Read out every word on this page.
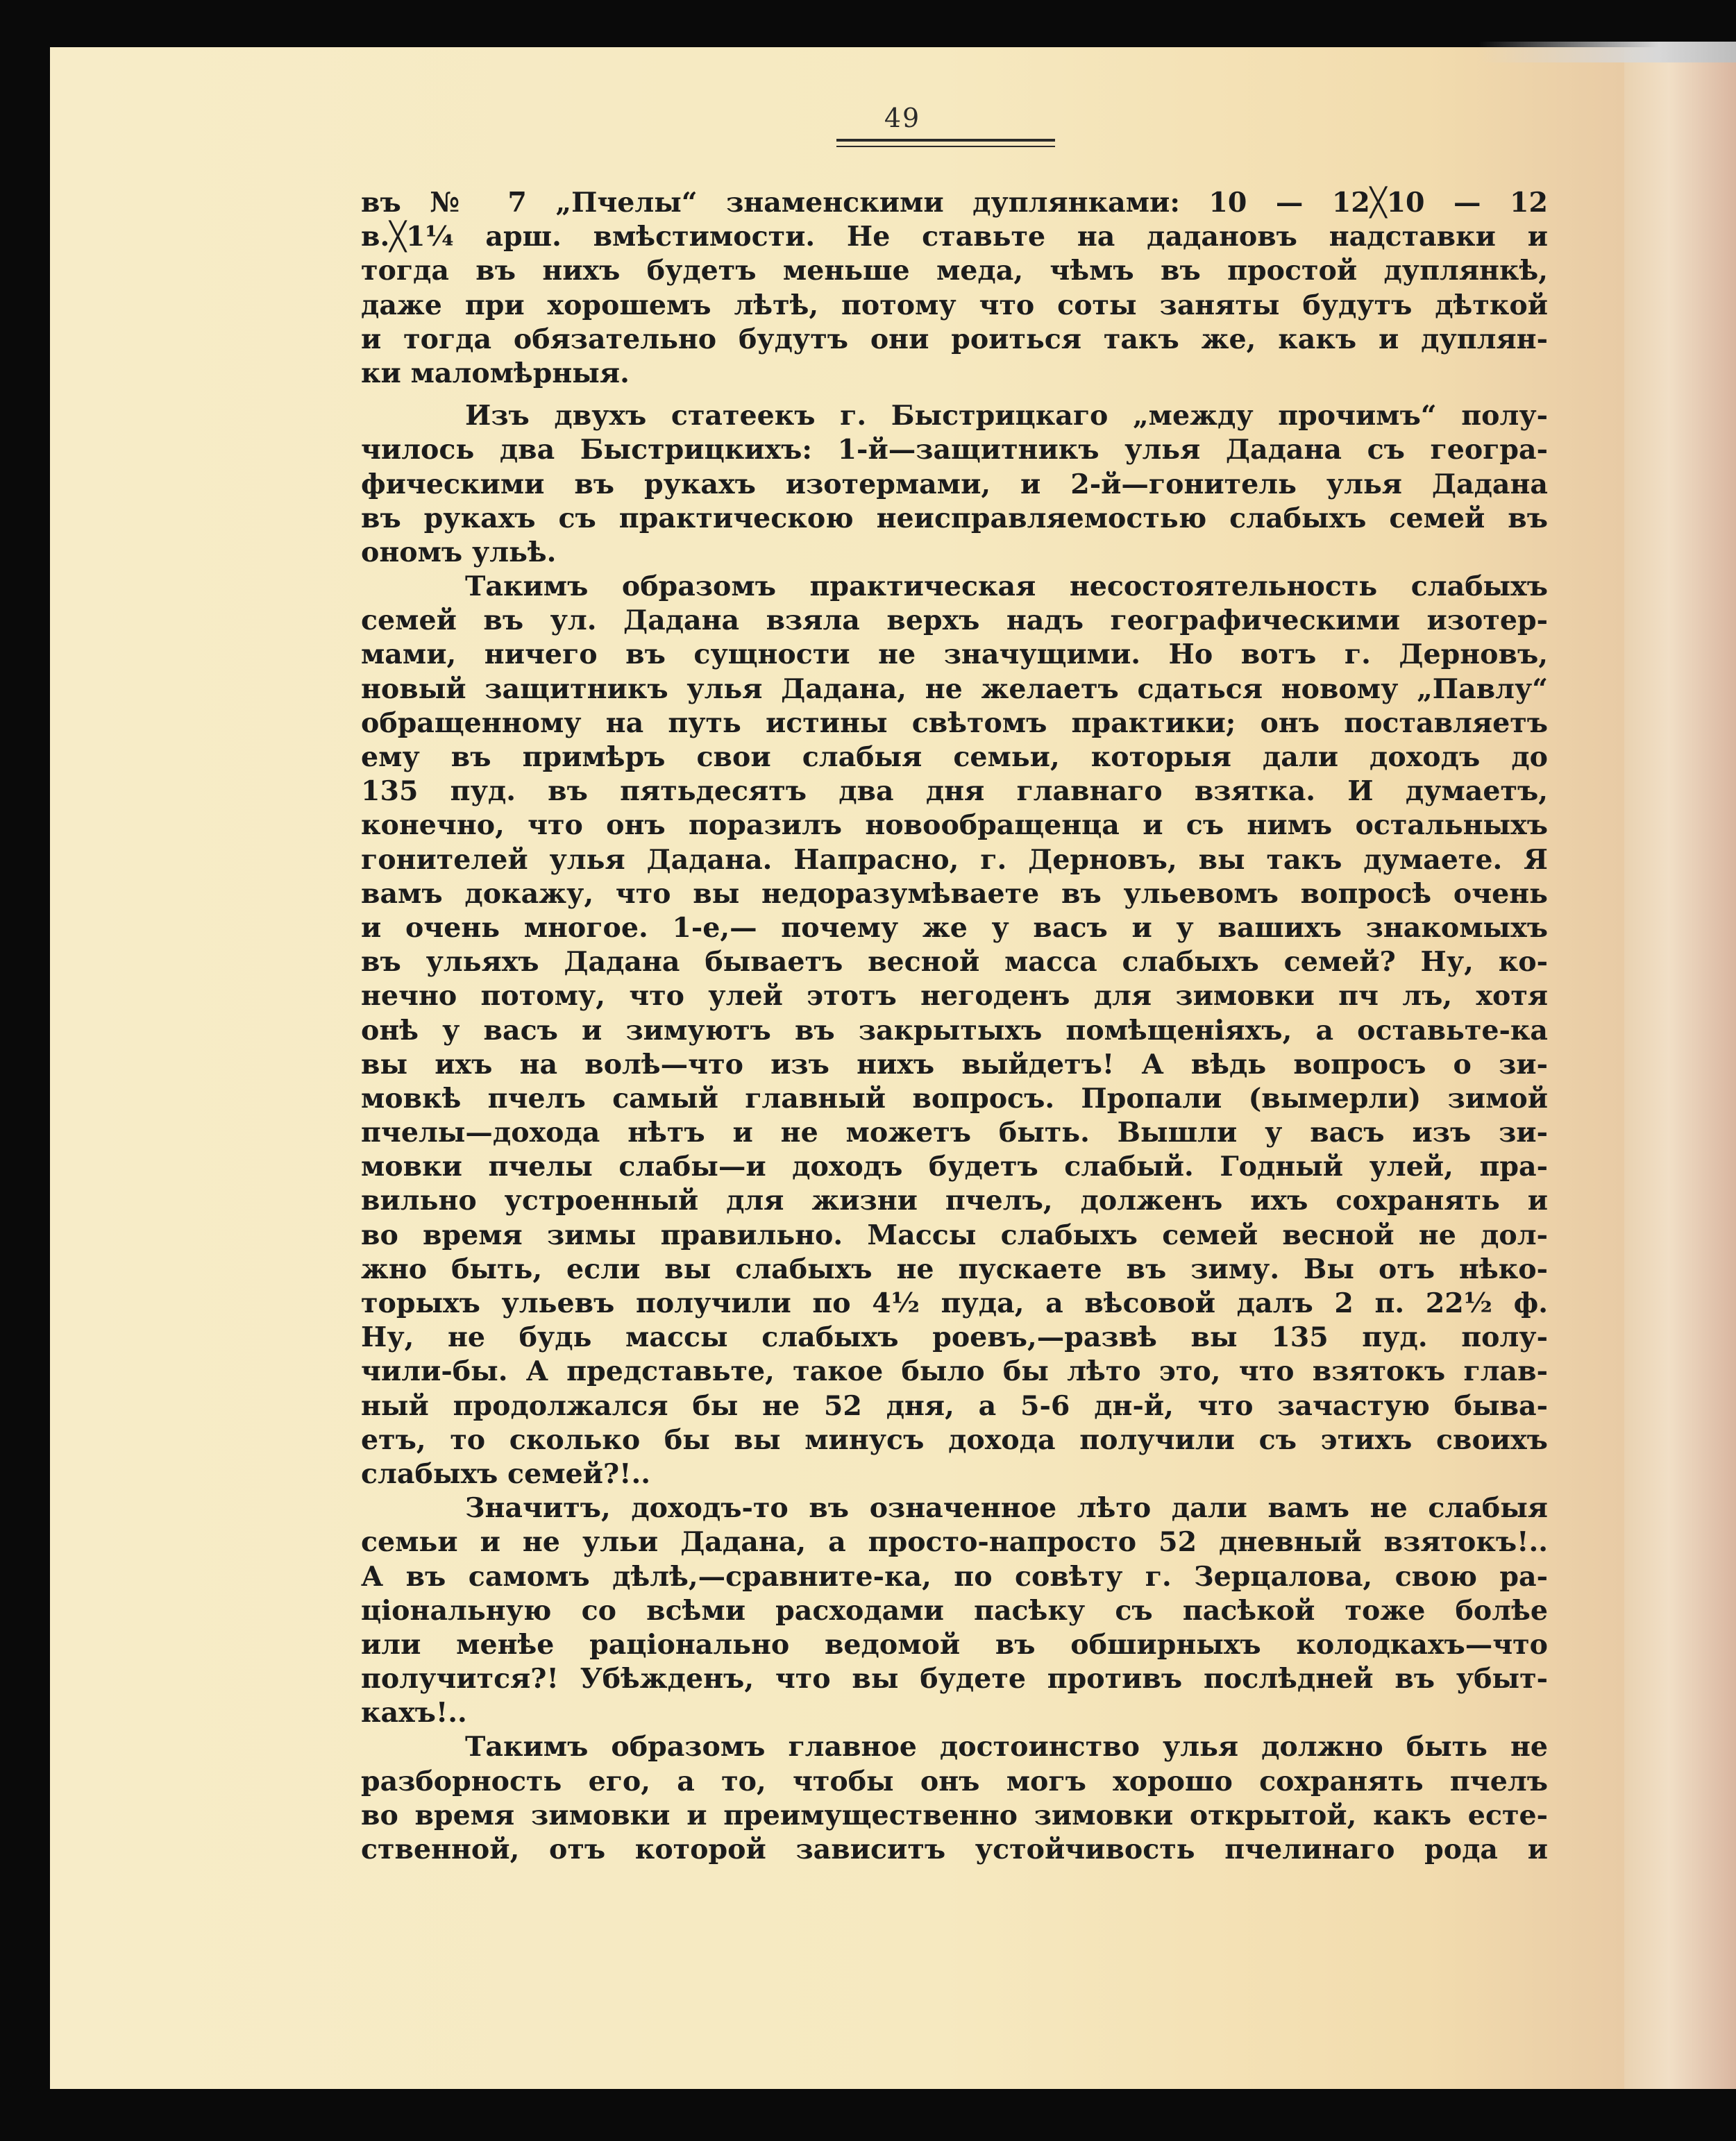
49
въ № 7 „Пчелы“ знаменскими дуплянками: 10 — 12╳10 — 12
в.╳1¼ арш. вмѣстимости. Не ставьте на дадановъ надставки и
тогда въ нихъ будетъ меньше меда, чѣмъ въ простой дуплянкѣ,
даже при хорошемъ лѣтѣ, потому что соты заняты будутъ дѣткой
и тогда обязательно будутъ они роиться такъ же, какъ и дуплян-
ки маломѣрныя.
Изъ двухъ статеекъ г. Быстрицкаго „между прочимъ“ полу-
чилось два Быстрицкихъ: 1-й—защитникъ улья Дадана съ геогра-
фическими въ рукахъ изотермами, и 2-й—гонитель улья Дадана
въ рукахъ съ практическою неисправляемостью слабыхъ семей въ
ономъ ульѣ.
Такимъ образомъ практическая несостоятельность слабыхъ
семей въ ул. Дадана взяла верхъ надъ географическими изотер-
мами, ничего въ сущности не значущими. Но вотъ г. Дерновъ,
новый защитникъ улья Дадана, не желаетъ сдаться новому „Павлу“
обращенному на путь истины свѣтомъ практики; онъ поставляетъ
ему въ примѣръ свои слабыя семьи, которыя дали доходъ до
135 пуд. въ пятьдесятъ два дня главнаго взятка. И думаетъ,
конечно, что онъ поразилъ новообращенца и съ нимъ остальныхъ
гонителей улья Дадана. Напрасно, г. Дерновъ, вы такъ думаете. Я
вамъ докажу, что вы недоразумѣваете въ ульевомъ вопросѣ очень
и очень многое. 1-е,— почему же у васъ и у вашихъ знакомыхъ
въ ульяхъ Дадана бываетъ весной масса слабыхъ семей? Ну, ко-
нечно потому, что улей этотъ негоденъ для зимовки пч лъ, хотя
онѣ у васъ и зимуютъ въ закрытыхъ помѣщеніяхъ, а оставьте-ка
вы ихъ на волѣ—что изъ нихъ выйдетъ! А вѣдь вопросъ о зи-
мовкѣ пчелъ самый главный вопросъ. Пропали (вымерли) зимой
пчелы—дохода нѣтъ и не можетъ быть. Вышли у васъ изъ зи-
мовки пчелы слабы—и доходъ будетъ слабый. Годный улей, пра-
вильно устроенный для жизни пчелъ, долженъ ихъ сохранять и
во время зимы правильно. Массы слабыхъ семей весной не дол-
жно быть, если вы слабыхъ не пускаете въ зиму. Вы отъ нѣко-
торыхъ ульевъ получили по 4½ пуда, а вѣсовой далъ 2 п. 22½ ф.
Ну, не будь массы слабыхъ роевъ,—развѣ вы 135 пуд. полу-
чили-бы. А представьте, такое было бы лѣто это, что взятокъ глав-
ный продолжался бы не 52 дня, а 5-6 дн-й, что зачастую быва-
етъ, то сколько бы вы минусъ дохода получили съ этихъ своихъ
слабыхъ семей?!..
Значитъ, доходъ-то въ означенное лѣто дали вамъ не слабыя
семьи и не ульи Дадана, а просто-напросто 52 дневный взятокъ!..
А въ самомъ дѣлѣ,—сравните-ка, по совѣту г. Зерцалова, свою ра-
ціональную со всѣми расходами пасѣку съ пасѣкой тоже болѣе
или менѣе раціонально ведомой въ обширныхъ колодкахъ—что
получится?! Убѣжденъ, что вы будете противъ послѣдней въ убыт-
кахъ!..
Такимъ образомъ главное достоинство улья должно быть не
разборность его, а то, чтобы онъ могъ хорошо сохранять пчелъ
во время зимовки и преимущественно зимовки открытой, какъ есте-
ственной, отъ которой зависитъ устойчивость пчелинаго рода и
